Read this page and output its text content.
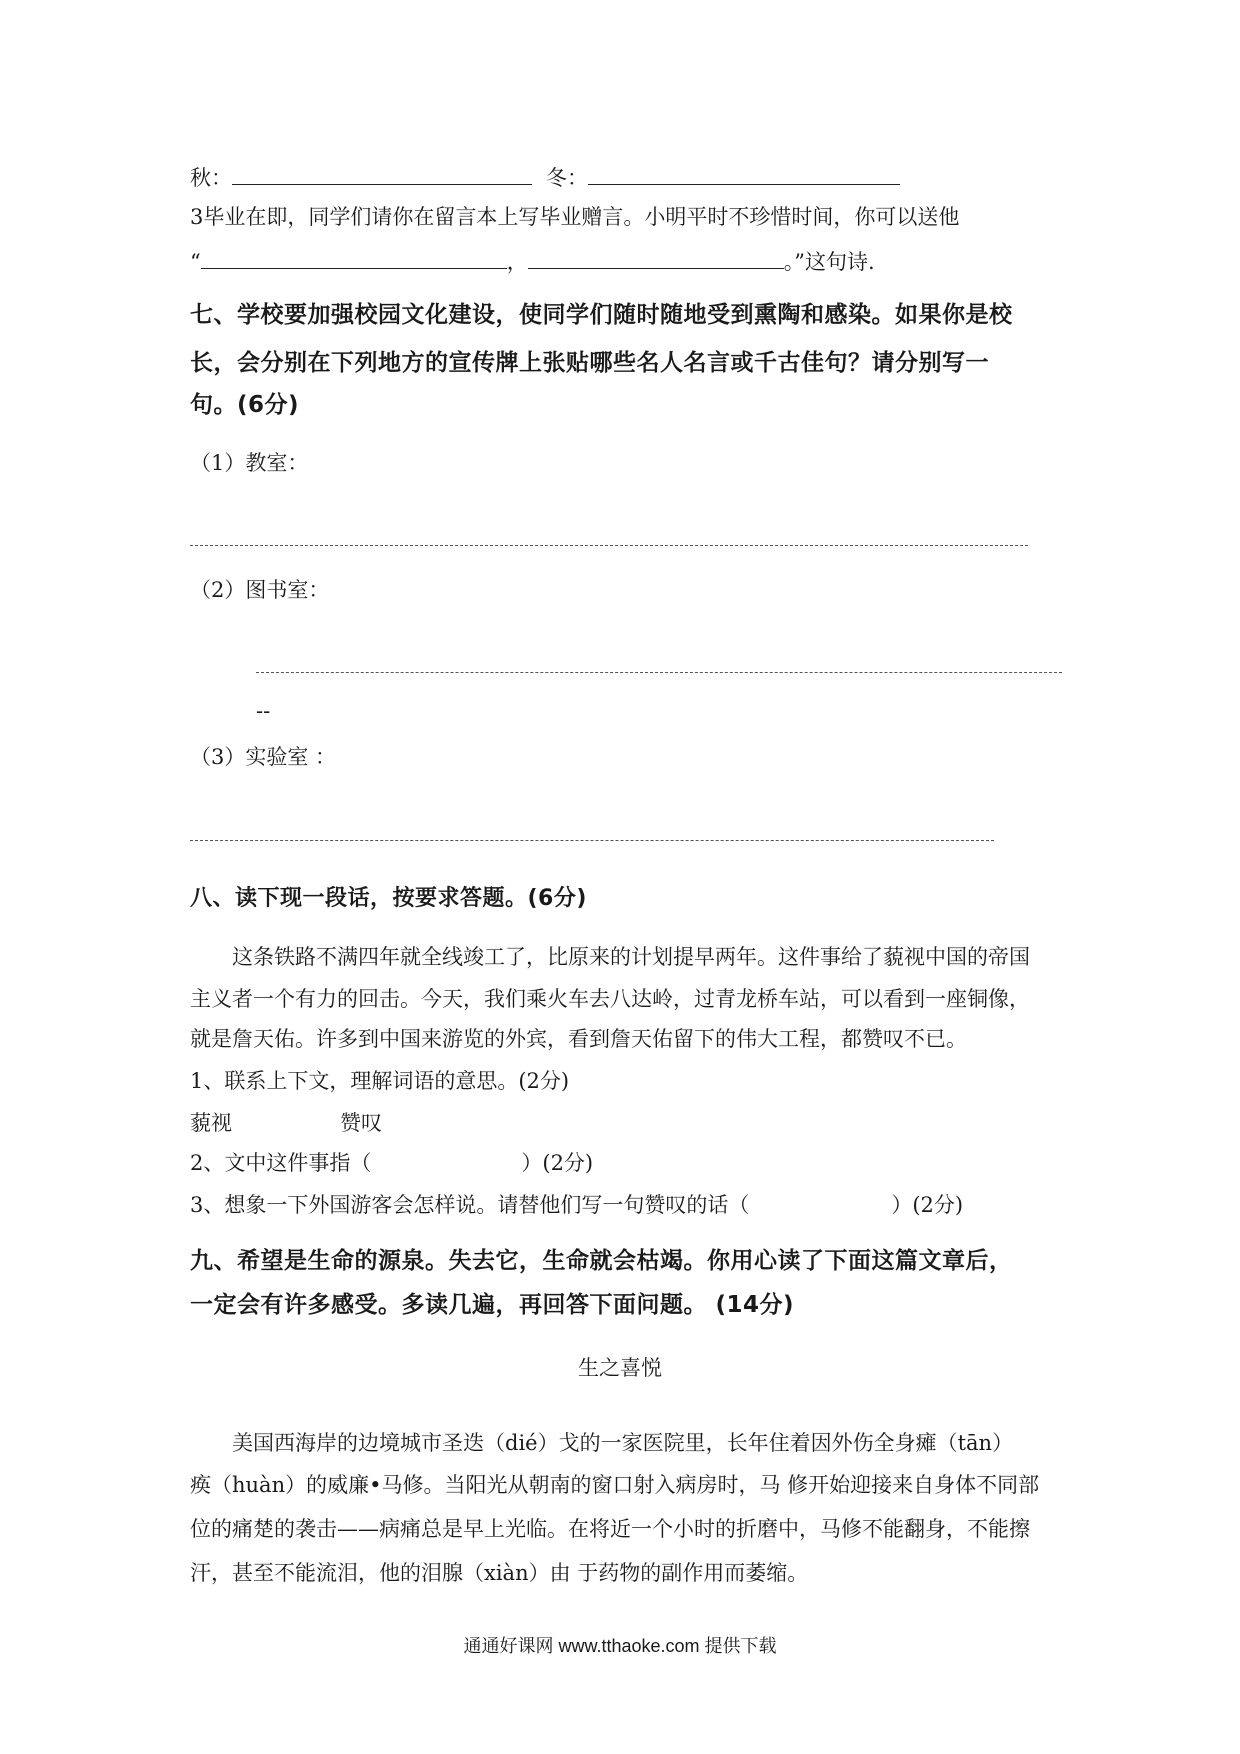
秋：	冬：
3毕业在即，同学们请你在留言本上写毕业赠言。小明平时不珍惜时间，你可以送他
“	，	。”这句诗.
七、学校要加强校园文化建设，使同学们随时随地受到熏陶和感染。如果你是校
长，会分别在下列地方的宣传牌上张贴哪些名人名言或千古佳句？请分别写一
句。(6分)
（1）教室：
（2）图书室：
--
（3）实验室 ：
八、读下现一段话，按要求答题。(6分)
这条铁路不满四年就全线竣工了，比原来的计划提早两年。这件事给了藐视中国的帝国
主义者一个有力的回击。今天，我们乘火车去八达岭，过青龙桥车站，可以看到一座铜像，
就是詹天佑。许多到中国来游览的外宾，看到詹天佑留下的伟大工程，都赞叹不已。
1、联系上下文，理解词语的意思。(2分)
藐视	赞叹
2、文中这件事指（	）(2分)
3、想象一下外国游客会怎样说。请替他们写一句赞叹的话（	）(2分)
九、希望是生命的源泉。失去它，生命就会枯竭。你用心读了下面这篇文章后，
一定会有许多感受。多读几遍，再回答下面问题。 (14分)
生之喜悦
美国西海岸的边境城市圣迭（dié）戈的一家医院里，长年住着因外伤全身瘫（tān）
痪（huàn）的威廉•马修。当阳光从朝南的窗口射入病房时，马 修开始迎接来自身体不同部
位的痛楚的袭击——病痛总是早上光临。在将近一个小时的折磨中，马修不能翻身，不能擦
汗，甚至不能流泪，他的泪腺（xiàn）由 于药物的副作用而萎缩。
通通好课网 www.tthaoke.com 提供下载
